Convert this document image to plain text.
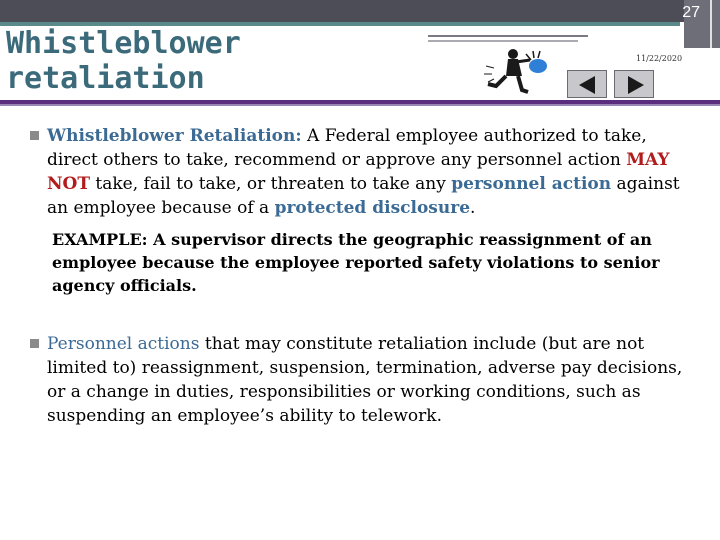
27
Whistleblower retaliation
11/22/2020
Whistleblower Retaliation: A Federal employee authorized to take, direct others to take, recommend or approve any personnel action MAY NOT take, fail to take, or threaten to take any personnel action against an employee because of a protected disclosure.
EXAMPLE: A supervisor directs the geographic reassignment of an employee because the employee reported safety violations to senior agency officials.
Personnel actions that may constitute retaliation include (but are not limited to) reassignment, suspension, termination, adverse pay decisions, or a change in duties, responsibilities or working conditions, such as suspending an employee’s ability to telework.
